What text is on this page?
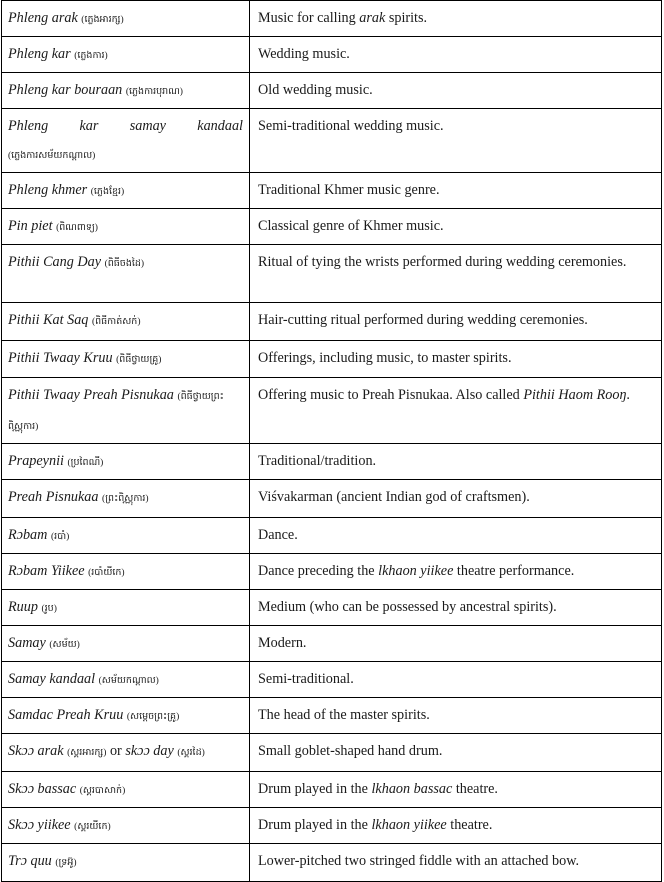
Phleng arak (ភ្លេងអារក្ស)	Music for calling arak spirits.
Phleng kar (ភ្លេងការ)	Wedding music.
Phleng kar bouraan (ភ្លេងការបុរាណ)	Old wedding music.

Phleng kar samay kandaal
(ភ្លេងការសម័យកណ្ដាល)	Semi-traditional wedding music.
Phleng khmer (ភ្លេងខ្មែរ)	Traditional Khmer music genre.
Pin piet (ពិណពាទ្យ)	Classical genre of Khmer music.
Pithii Cang Day (ពិធីចងដៃ)	Ritual of tying the wrists performed during wedding ceremonies.
Pithii Kat Saq (ពិធីកាត់សក់)	Hair-cutting ritual performed during wedding ceremonies.
Pithii Twaay Kruu (ពិធីថ្វាយគ្រូ)	Offerings, including music, to master spirits.
Pithii Twaay Preah Pisnukaa (ពិធីថ្វាយព្រះពិស្ណុការ)	Offering music to Preah Pisnukaa. Also called Pithii Haom Rooŋ.
Prapeynii (ប្រពៃណី)	Traditional/tradition.
Preah Pisnukaa (ព្រះពិស្ណុការ)	Viśvakarman (ancient Indian god of craftsmen).
Rɔbam (របាំ)	Dance.
Rɔbam Yiikee (របាំយីកេ)	Dance preceding the lkhaon yiikee theatre performance.
Ruup (រូប)	Medium (who can be possessed by ancestral spirits).
Samay (សម័យ)	Modern.
Samay kandaal (សម័យកណ្ដាល)	Semi-traditional.
Samdac Preah Kruu (សម្ដេចព្រះគ្រូ)	The head of the master spirits.
Skɔɔ arak (ស្គរអារក្ស) or skɔɔ day (ស្គរដៃ)	Small goblet-shaped hand drum.
Skɔɔ bassac (ស្គរបាសាក់)	Drum played in the lkhaon bassac theatre.
Skɔɔ yiikee (ស្គរយីកេ)	Drum played in the lkhaon yiikee theatre.
Trɔ quu (ទ្រអ៊ូ)	Lower-pitched two stringed fiddle with an attached bow.
